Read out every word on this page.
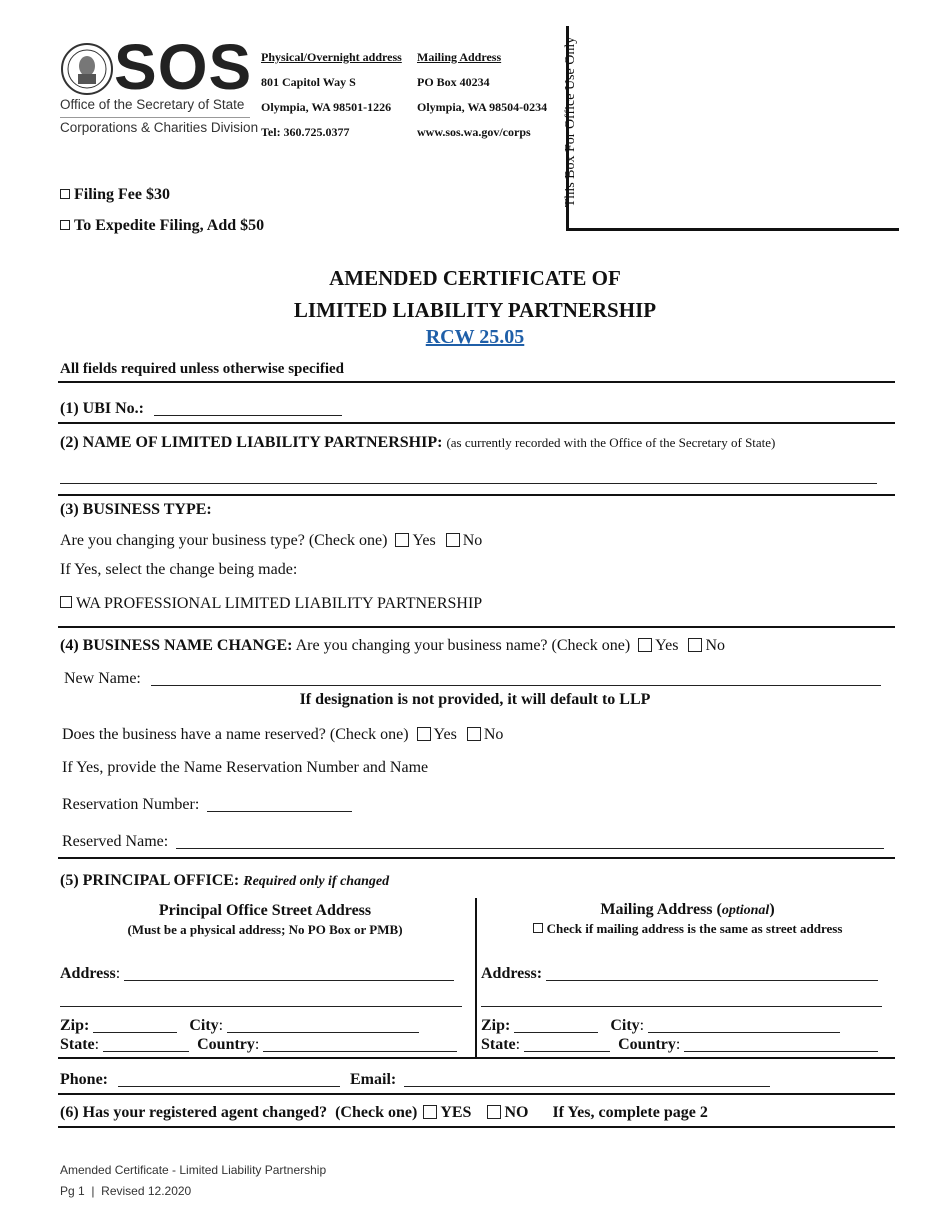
SOS
Office of the Secretary of State
Corporations & Charities Division
Physical/Overnight address
801 Capitol Way S
Olympia, WA 98501-1226
Tel: 360.725.0377
Mailing Address
PO Box 40234
Olympia, WA 98504-0234
www.sos.wa.gov/corps	This Box For Office Use Only
Filing Fee $30
To Expedite Filing, Add $50
AMENDED CERTIFICATE OF
LIMITED LIABILITY PARTNERSHIP
RCW 25.05
All fields required unless otherwise specified
(1) UBI No.:
(2) NAME OF LIMITED LIABILITY PARTNERSHIP: (as currently recorded with the Office of the Secretary of State)
(3) BUSINESS TYPE:
Are you changing your business type? (Check one) Yes No
If Yes, select the change being made:
WA PROFESSIONAL LIMITED LIABILITY PARTNERSHIP
(4) BUSINESS NAME CHANGE: Are you changing your business name? (Check one) Yes No
New Name:
If designation is not provided, it will default to LLP
Does the business have a name reserved? (Check one) Yes No
If Yes, provide the Name Reservation Number and Name
Reservation Number:
Reserved Name:
(5) PRINCIPAL OFFICE: Required only if changed
Principal Office Street Address
(Must be a physical address; No PO Box or PMB)
Mailing Address (optional)
Check if mailing address is the same as street address
Address:
Zip:	City:
State:	Country:
Address:
Zip:	City:
State:	Country:
Phone:	Email:
(6) Has your registered agent changed? (Check one) YES NO If Yes, complete page 2
Amended Certificate - Limited Liability Partnership
Pg 1  |  Revised 12.2020
